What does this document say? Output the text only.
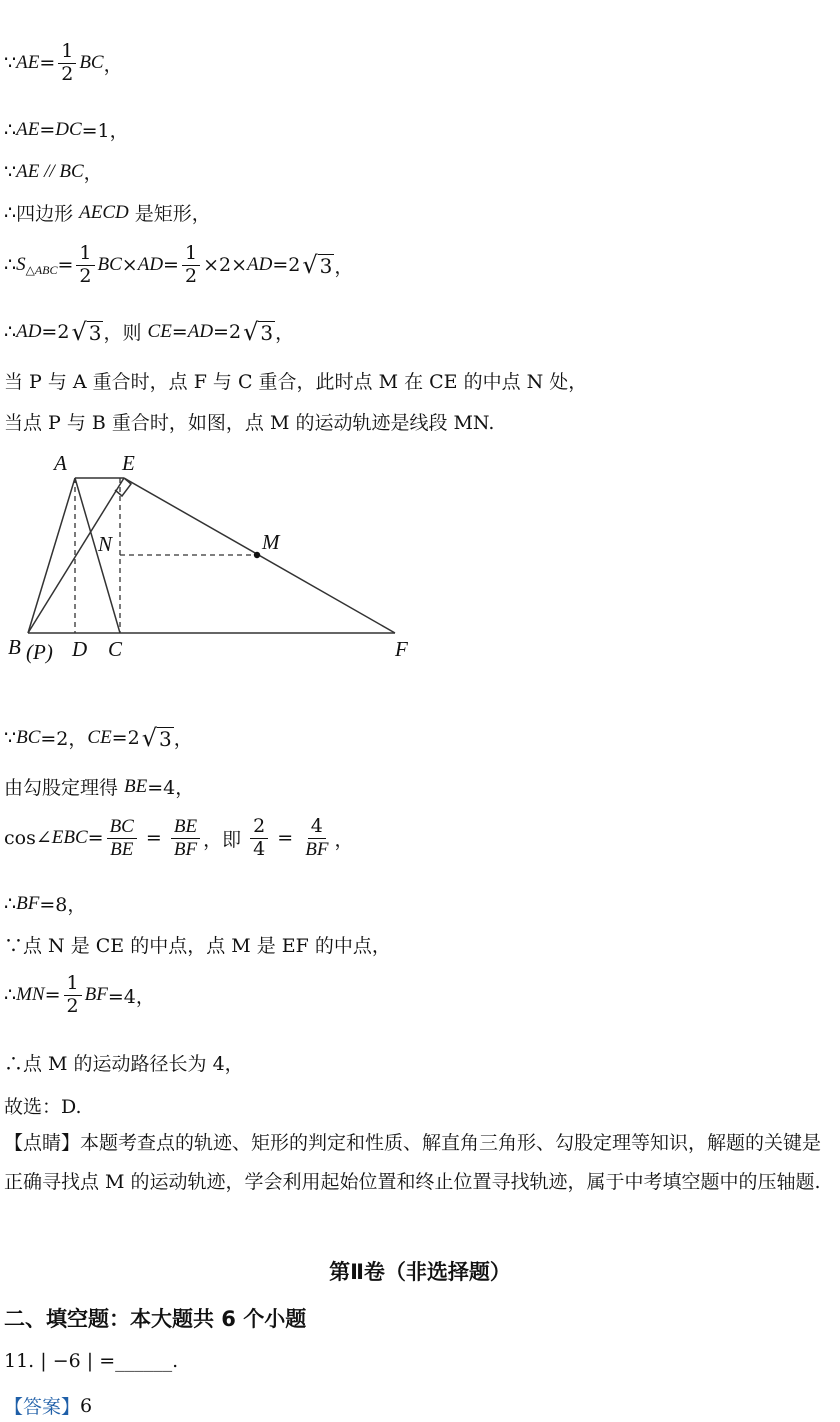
∵ AE = $\frac{1}{2}$ BC ，
∴ AE = DC =1，
∵ AE // BC ，
∴ 四边形 AECD 是矩形，
∴ S △ABC = $\frac{1}{2}$ BC × AD = $\frac{1}{2} \times 2\times$ AD =2 √ 3 ，
∴ AD =2 √ 3 ，则 CE = AD =2 √ 3 ，
当 P 与 A 重合时，点 F 与 C 重合，此时点 M 在 CE 的中点 N 处，
当点 P 与 B 重合时，如图，点 M 的运动轨迹是线段 MN.
A	E
N	M
B (P) D C	F
∵ BC =2， CE =2 √ 3 ，
由勾股定理得 BE =4，
cos∠ EBC = $\frac{BC}{BE} = \frac{BE}{BF}$ ，即 $\frac{2}{4} = \frac{4}{BF}$ ，
∴ BF =8，
∵点 N 是 CE 的中点，点 M 是 EF 的中点，
∴ MN = $\frac{1}{2}$ BF =4，
∴点 M 的运动路径长为 4，
故选：D.
【点睛】本题考查点的轨迹、矩形的判定和性质、解直角三角形、勾股定理等知识，解题的关键是正确寻找点 M 的运动轨迹，学会利用起始位置和终止位置寻找轨迹，属于中考填空题中的压轴题.
第Ⅱ卷（非选择题）
二、填空题：本大题共 6 个小题
11. | −6 | = ______ .
【答案】 6
